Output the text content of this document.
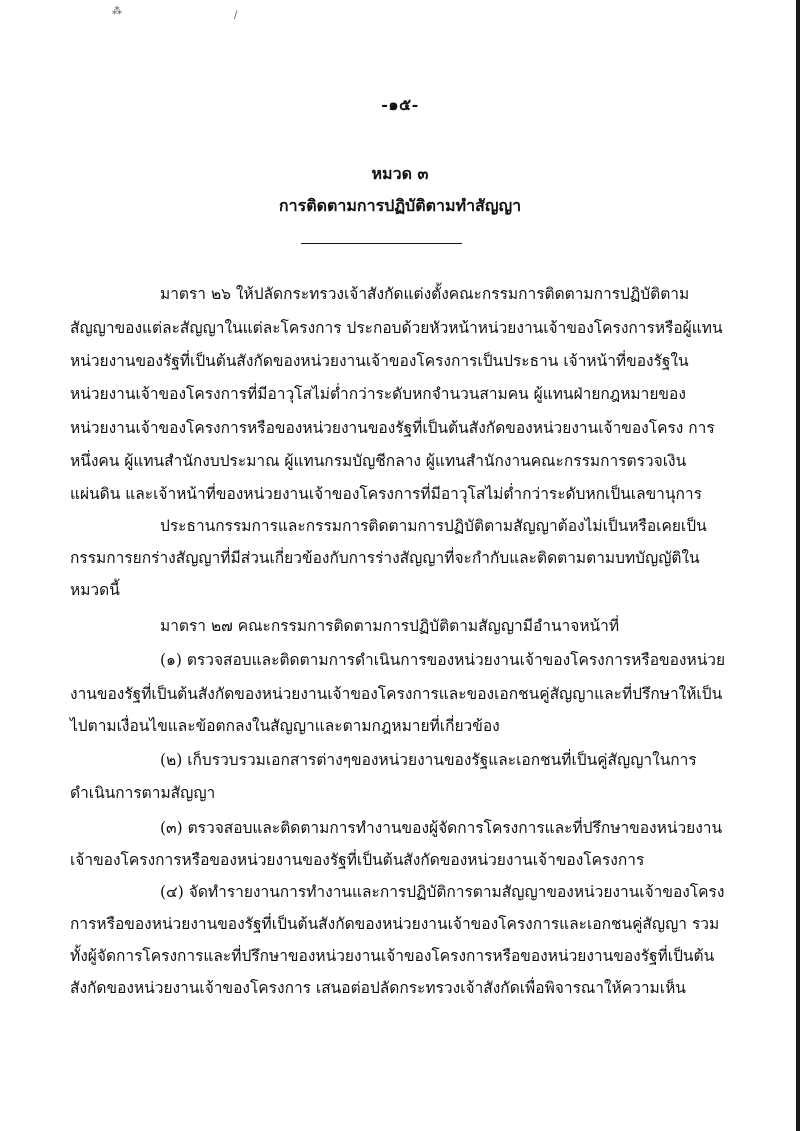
⁂	/
-๑๕-
หมวด ๓
การติดตามการปฏิบัติตามทำสัญญา
มาตรา ๒๖ ให้ปลัดกระทรวงเจ้าสังกัดแต่งตั้งคณะกรรมการติดตามการปฏิบัติตาม
สัญญาของแต่ละสัญญาในแต่ละโครงการ ประกอบด้วยหัวหน้าหน่วยงานเจ้าของโครงการหรือผู้แทน
หน่วยงานของรัฐที่เป็นต้นสังกัดของหน่วยงานเจ้าของโครงการเป็นประธาน เจ้าหน้าที่ของรัฐใน
หน่วยงานเจ้าของโครงการที่มีอาวุโสไม่ต่ำกว่าระดับหกจำนวนสามคน ผู้แทนฝ่ายกฎหมายของ
หน่วยงานเจ้าของโครงการหรือของหน่วยงานของรัฐที่เป็นต้นสังกัดของหน่วยงานเจ้าของโครง การ
หนึ่งคน ผู้แทนสำนักงบประมาณ ผู้แทนกรมบัญชีกลาง ผู้แทนสำนักงานคณะกรรมการตรวจเงิน
แผ่นดิน และเจ้าหน้าที่ของหน่วยงานเจ้าของโครงการที่มีอาวุโสไม่ต่ำกว่าระดับหกเป็นเลขานุการ
ประธานกรรมการและกรรมการติดตามการปฏิบัติตามสัญญาต้องไม่เป็นหรือเคยเป็น
กรรมการยกร่างสัญญาที่มีส่วนเกี่ยวข้องกับการร่างสัญญาที่จะกำกับและติดตามตามบทบัญญัติใน
หมวดนี้
มาตรา ๒๗ คณะกรรมการติดตามการปฏิบัติตามสัญญามีอำนาจหน้าที่
(๑) ตรวจสอบและติดตามการดำเนินการของหน่วยงานเจ้าของโครงการหรือของหน่วย
งานของรัฐที่เป็นต้นสังกัดของหน่วยงานเจ้าของโครงการและของเอกชนคู่สัญญาและที่ปรึกษาให้เป็น
ไปตามเงื่อนไขและข้อตกลงในสัญญาและตามกฎหมายที่เกี่ยวข้อง
(๒) เก็บรวบรวมเอกสารต่างๆของหน่วยงานของรัฐและเอกชนที่เป็นคู่สัญญาในการ
ดำเนินการตามสัญญา
(๓) ตรวจสอบและติดตามการทำงานของผู้จัดการโครงการและที่ปรึกษาของหน่วยงาน
เจ้าของโครงการหรือของหน่วยงานของรัฐที่เป็นต้นสังกัดของหน่วยงานเจ้าของโครงการ
(๔) จัดทำรายงานการทำงานและการปฏิบัติการตามสัญญาของหน่วยงานเจ้าของโครง
การหรือของหน่วยงานของรัฐที่เป็นต้นสังกัดของหน่วยงานเจ้าของโครงการและเอกชนคู่สัญญา รวม
ทั้งผู้จัดการโครงการและที่ปรึกษาของหน่วยงานเจ้าของโครงการหรือของหน่วยงานของรัฐที่เป็นต้น
สังกัดของหน่วยงานเจ้าของโครงการ เสนอต่อปลัดกระทรวงเจ้าสังกัดเพื่อพิจารณาให้ความเห็น
